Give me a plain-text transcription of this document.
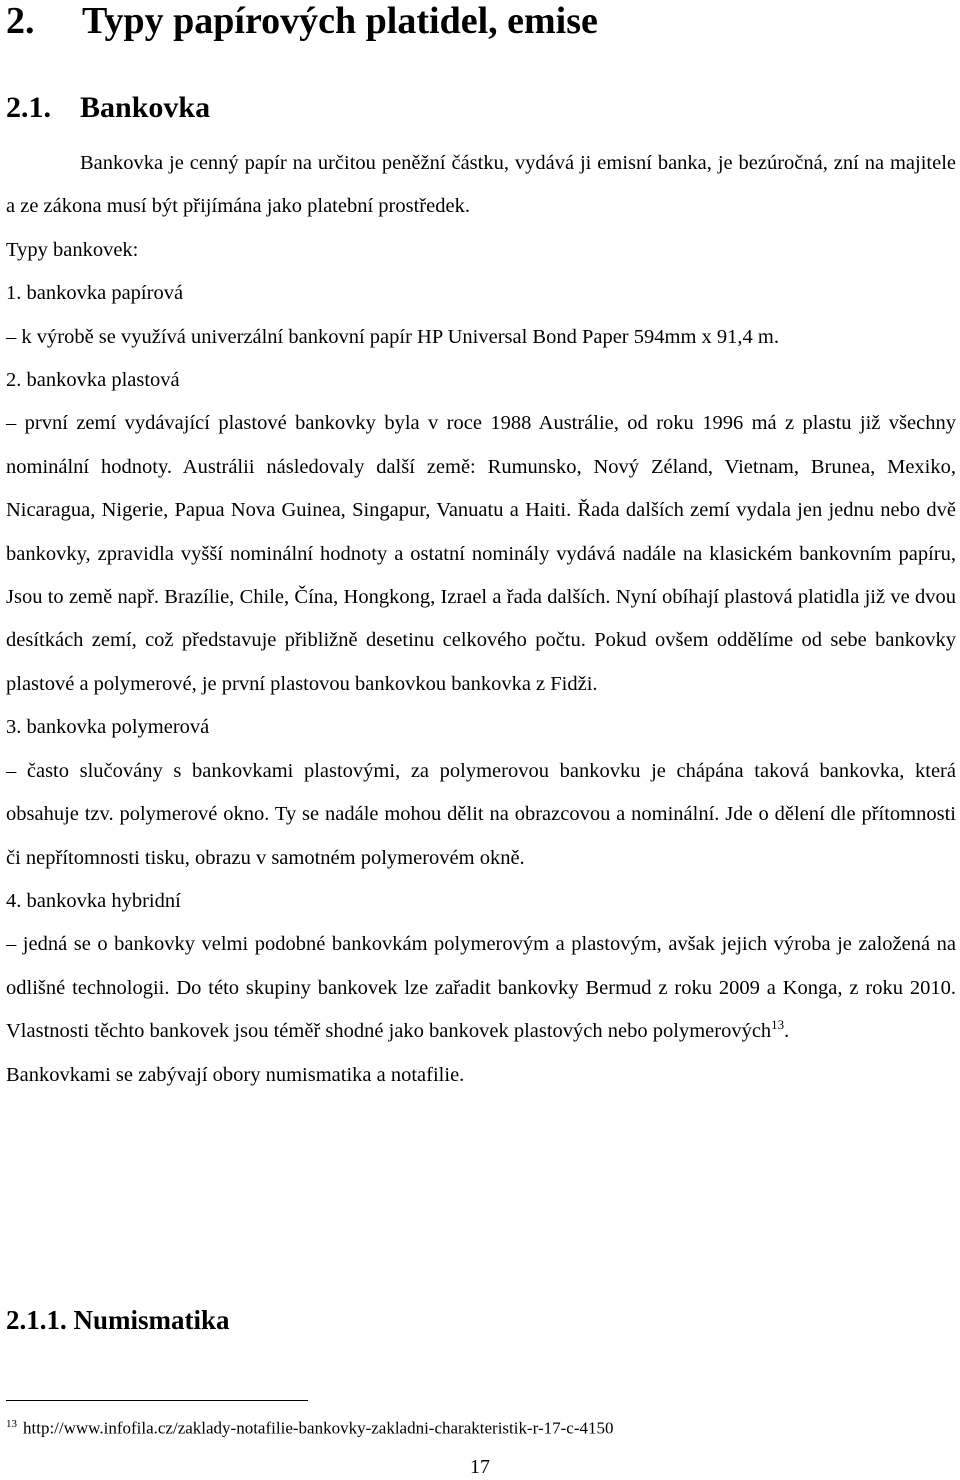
2. Typy papírových platidel, emise
2.1. Bankovka

Bankovka je cenný papír na určitou peněžní částku, vydává ji emisní banka, je bezúročná, zní na majitele a ze zákona musí být přijímána jako platební prostředek.

Typy bankovek:

1. bankovka papírová

– k výrobě se využívá univerzální bankovní papír HP Universal Bond Paper 594mm x 91,4 m.

2. bankovka plastová

– první zemí vydávající plastové bankovky byla v roce 1988 Austrálie, od roku 1996 má z plastu již všechny nominální hodnoty. Austrálii následovaly další země: Rumunsko, Nový Zéland, Vietnam, Brunea, Mexiko, Nicaragua, Nigerie, Papua Nova Guinea, Singapur, Vanuatu a Haiti. Řada dalších zemí vydala jen jednu nebo dvě bankovky, zpravidla vyšší nominální hodnoty a ostatní nominály vydává nadále na klasickém bankovním papíru, Jsou to země např. Brazílie, Chile, Čína, Hongkong, Izrael a řada dalších. Nyní obíhají plastová platidla již ve dvou desítkách zemí, což představuje přibližně desetinu celkového počtu. Pokud ovšem oddělíme od sebe bankovky plastové a polymerové, je první plastovou bankovkou bankovka z Fidži.

3. bankovka polymerová

– často slučovány s bankovkami plastovými, za polymerovou bankovku je chápána taková bankovka, která obsahuje tzv. polymerové okno. Ty se nadále mohou dělit na obrazcovou a nominální. Jde o dělení dle přítomnosti či nepřítomnosti tisku, obrazu v samotném polymerovém okně.

4. bankovka hybridní

– jedná se o bankovky velmi podobné bankovkám polymerovým a plastovým, avšak jejich výroba je založená na odlišné technologii. Do této skupiny bankovek lze zařadit bankovky Bermud z roku 2009 a Konga, z roku 2010. Vlastnosti těchto bankovek jsou téměř shodné jako bankovek plastových nebo polymerových$^{13}$.

Bankovkami se zabývají obory numismatika a notafilie.

2.1.1. Numismatika
$^{13}$ http://www.infofila.cz/zaklady-notafilie-bankovky-zakladni-charakteristik-r-17-c-4150
17
